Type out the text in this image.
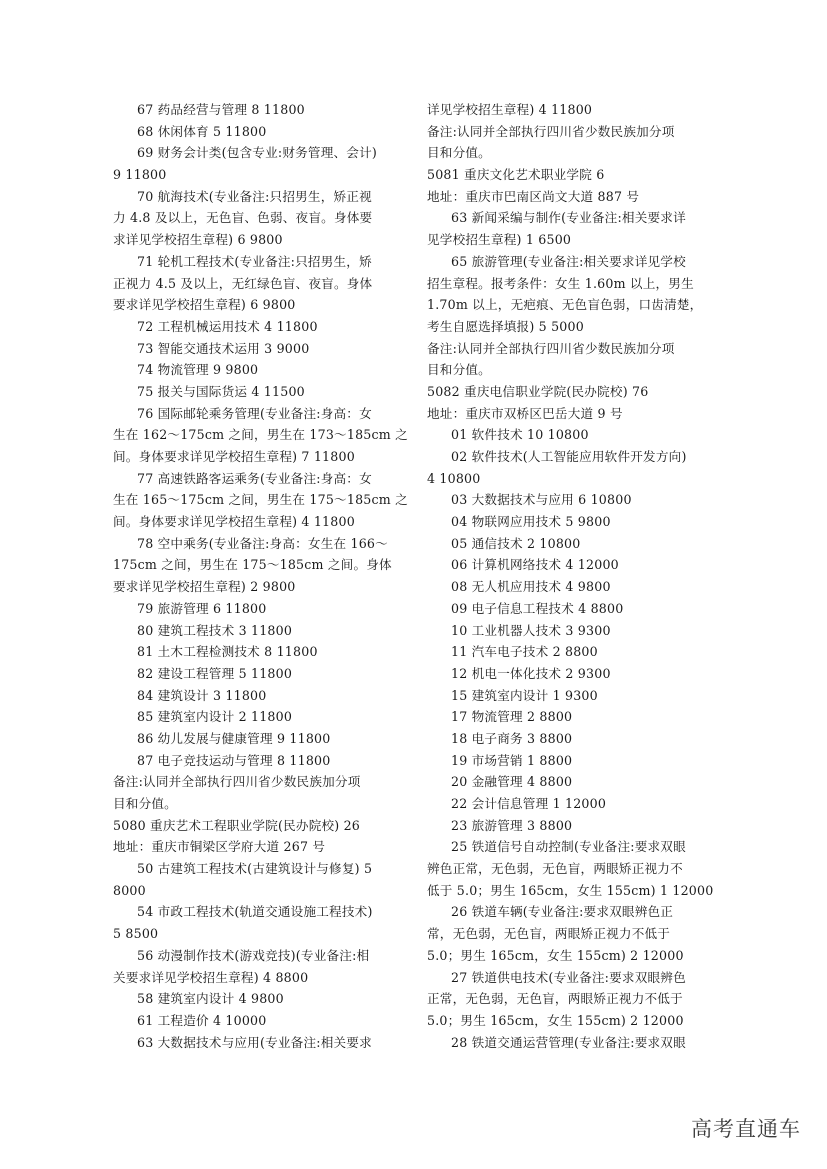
67 药品经营与管理 8 11800
68 休闲体育 5 11800
69 财务会计类(包含专业:财务管理、会计)
9 11800
70 航海技术(专业备注:只招男生，矫正视
力 4.8 及以上，无色盲、色弱、夜盲。身体要
求详见学校招生章程) 6 9800
71 轮机工程技术(专业备注:只招男生，矫
正视力 4.5 及以上，无红绿色盲、夜盲。身体
要求详见学校招生章程) 6 9800
72 工程机械运用技术 4 11800
73 智能交通技术运用 3 9000
74 物流管理 9 9800
75 报关与国际货运 4 11500
76 国际邮轮乘务管理(专业备注:身高：女
生在 162～175cm 之间，男生在 173～185cm 之
间。身体要求详见学校招生章程) 7 11800
77 高速铁路客运乘务(专业备注:身高：女
生在 165～175cm 之间，男生在 175～185cm 之
间。身体要求详见学校招生章程) 4 11800
78 空中乘务(专业备注:身高：女生在 166～
175cm 之间，男生在 175～185cm 之间。身体
要求详见学校招生章程) 2 9800
79 旅游管理 6 11800
80 建筑工程技术 3 11800
81 土木工程检测技术 8 11800
82 建设工程管理 5 11800
84 建筑设计 3 11800
85 建筑室内设计 2 11800
86 幼儿发展与健康管理 9 11800
87 电子竞技运动与管理 8 11800
备注:认同并全部执行四川省少数民族加分项
目和分值。
5080 重庆艺术工程职业学院(民办院校) 26
地址：重庆市铜梁区学府大道 267 号
50 古建筑工程技术(古建筑设计与修复) 5
8000
54 市政工程技术(轨道交通设施工程技术)
5 8500
56 动漫制作技术(游戏竞技)(专业备注:相
关要求详见学校招生章程) 4 8800
58 建筑室内设计 4 9800
61 工程造价 4 10000
63 大数据技术与应用(专业备注:相关要求
详见学校招生章程) 4 11800
备注:认同并全部执行四川省少数民族加分项
目和分值。
5081 重庆文化艺术职业学院 6
地址：重庆市巴南区尚文大道 887 号
63 新闻采编与制作(专业备注:相关要求详
见学校招生章程) 1 6500
65 旅游管理(专业备注:相关要求详见学校
招生章程。报考条件：女生 1.60m 以上，男生
1.70m 以上，无疤痕、无色盲色弱，口齿清楚，
考生自愿选择填报) 5 5000
备注:认同并全部执行四川省少数民族加分项
目和分值。
5082 重庆电信职业学院(民办院校) 76
地址：重庆市双桥区巴岳大道 9 号
01 软件技术 10 10800
02 软件技术(人工智能应用软件开发方向)
4 10800
03 大数据技术与应用 6 10800
04 物联网应用技术 5 9800
05 通信技术 2 10800
06 计算机网络技术 4 12000
08 无人机应用技术 4 9800
09 电子信息工程技术 4 8800
10 工业机器人技术 3 9300
11 汽车电子技术 2 8800
12 机电一体化技术 2 9300
15 建筑室内设计 1 9300
17 物流管理 2 8800
18 电子商务 3 8800
19 市场营销 1 8800
20 金融管理 4 8800
22 会计信息管理 1 12000
23 旅游管理 3 8800
25 铁道信号自动控制(专业备注:要求双眼
辨色正常，无色弱，无色盲，两眼矫正视力不
低于 5.0；男生 165cm，女生 155cm) 1 12000
26 铁道车辆(专业备注:要求双眼辨色正
常，无色弱，无色盲，两眼矫正视力不低于
5.0；男生 165cm，女生 155cm) 2 12000
27 铁道供电技术(专业备注:要求双眼辨色
正常，无色弱，无色盲，两眼矫正视力不低于
5.0；男生 165cm，女生 155cm) 2 12000
28 铁道交通运营管理(专业备注:要求双眼
高考直通车
